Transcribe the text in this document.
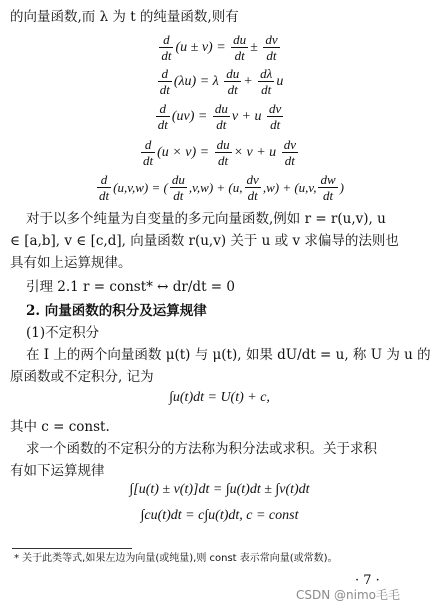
的向量函数,而 λ 为 t 的纯量函数,则有
$\frac{d}{dt} (u \pm v) = \frac{du}{dt} \pm \frac{dv}{dt}$
$\frac{d}{dt} (\lambda u) = \lambda \frac{du}{dt} + \frac{d\lambda}{dt}$ u
$\frac{d}{dt} (uv) = \frac{du}{dt}$ v + u $\frac{dv}{dt}$
$\frac{d}{dt} (u \times v) = \frac{du}{dt} \times v + u \frac{dv}{dt}$
$\frac{d}{dt} (u,v,w)$ = ( $\frac{du}{dt} ,v,w) + (u$, $\frac{dv}{dt} ,w) + (u,v$, $\frac{dw}{dt}$ )
对于以多个纯量为自变量的多元向量函数,例如 r = r(u,v), u
∈ [a,b], v ∈ [c,d], 向量函数 r(u,v) 关于 u 或 v 求偏导的法则也
具有如上运算规律。
引理 2.1 r = const* ↔ dr/dt = 0
2. 向量函数的积分及运算规律
(1)不定积分
在 I 上的两个向量函数 μ(t) 与 μ(t), 如果 dU/dt = u, 称 U 为 u 的
原函数或不定积分, 记为
∫u(t)dt = U(t) + c,
其中 c = const.
求一个函数的不定积分的方法称为积分法或求积。关于求积
有如下运算规律
∫[u(t) ± v(t)]dt = ∫u(t)dt ± ∫v(t)dt
∫cu(t)dt = c∫u(t)dt, c = const
* 关于此类等式,如果左边为向量(或纯量),则 const 表示常向量(或常数)。
· 7 ·
CSDN @nimo毛毛
